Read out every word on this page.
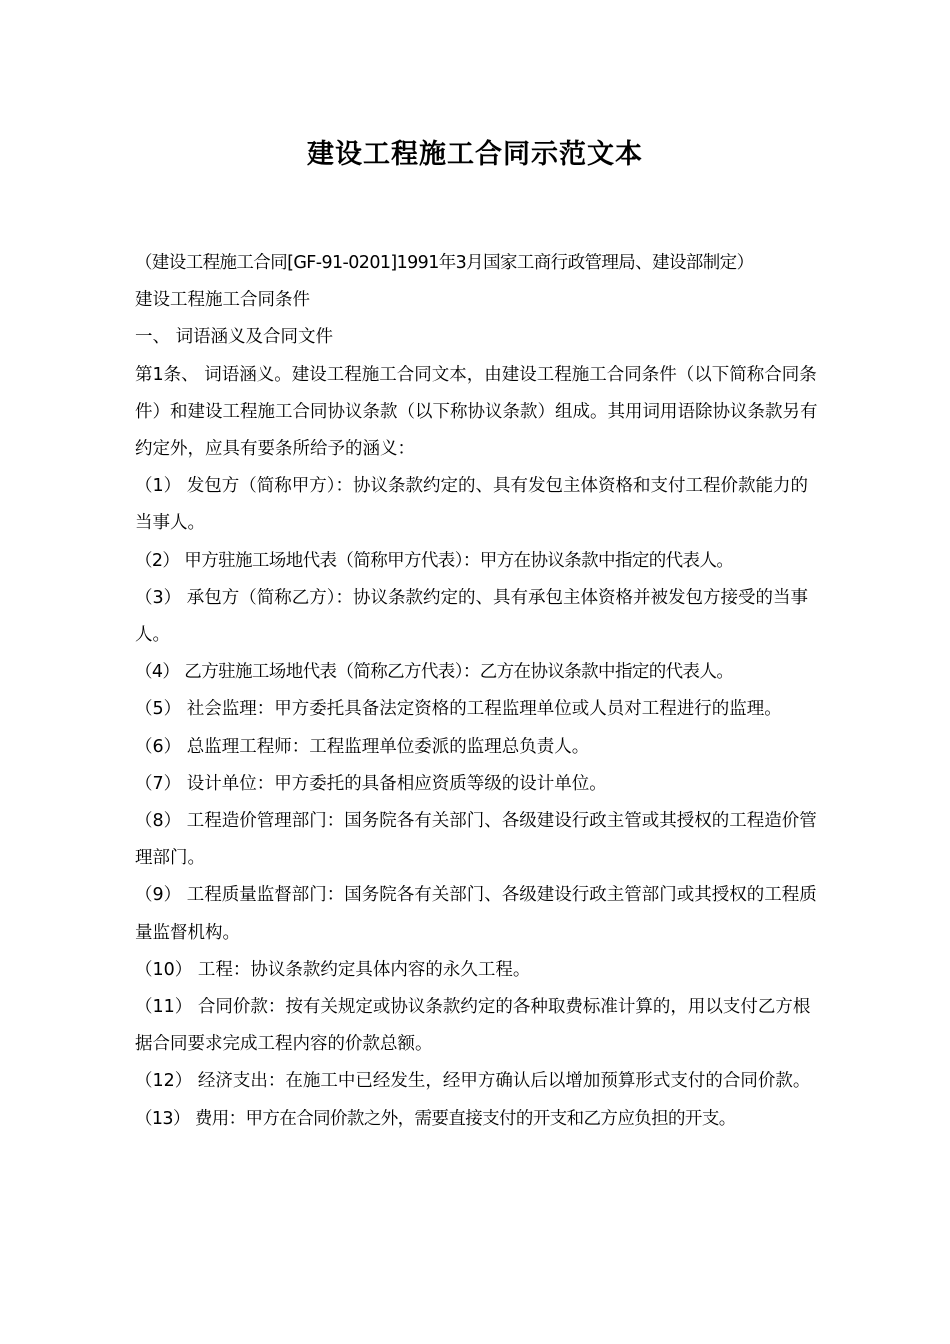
建设工程施工合同示范文本

（建设工程施工合同[GF-91-0201]1991年3月国家工商行政管理局、建设部制定）

建设工程施工合同条件

一、 词语涵义及合同文件

第1条、 词语涵义。建设工程施工合同文本，由建设工程施工合同条件（以下简称合同条件）和建设工程施工合同协议条款（以下称协议条款）组成。其用词用语除协议条款另有约定外，应具有要条所给予的涵义：

（1） 发包方（简称甲方）：协议条款约定的、具有发包主体资格和支付工程价款能力的当事人。

（2） 甲方驻施工场地代表（简称甲方代表）：甲方在协议条款中指定的代表人。

（3） 承包方（简称乙方）：协议条款约定的、具有承包主体资格并被发包方接受的当事人。

（4） 乙方驻施工场地代表（简称乙方代表）：乙方在协议条款中指定的代表人。

（5） 社会监理：甲方委托具备法定资格的工程监理单位或人员对工程进行的监理。

（6） 总监理工程师：工程监理单位委派的监理总负责人。

（7） 设计单位：甲方委托的具备相应资质等级的设计单位。

（8） 工程造价管理部门：国务院各有关部门、各级建设行政主管或其授权的工程造价管理部门。

（9） 工程质量监督部门：国务院各有关部门、各级建设行政主管部门或其授权的工程质量监督机构。

（10） 工程：协议条款约定具体内容的永久工程。

（11） 合同价款：按有关规定或协议条款约定的各种取费标准计算的，用以支付乙方根据合同要求完成工程内容的价款总额。

（12） 经济支出：在施工中已经发生，经甲方确认后以增加预算形式支付的合同价款。

（13） 费用：甲方在合同价款之外，需要直接支付的开支和乙方应负担的开支。
